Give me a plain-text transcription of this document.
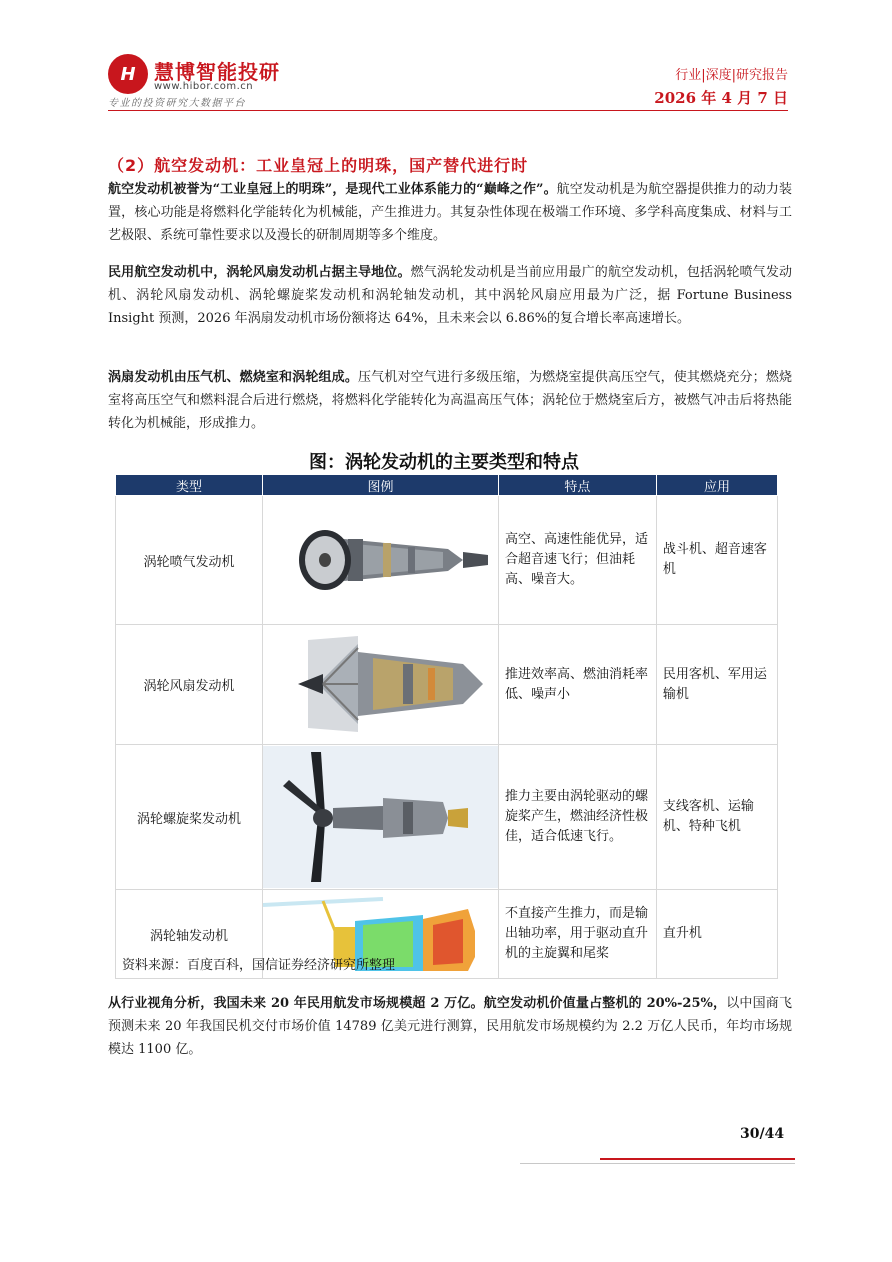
H 慧博智能投研
www.hibor.com.cn
专业的投资研究大数据平台
行业|深度|研究报告
2026 年 4 月 7 日
（2）航空发动机：工业皇冠上的明珠，国产替代进行时
航空发动机被誉为“工业皇冠上的明珠”，是现代工业体系能力的“巅峰之作”。航空发动机是为航空器提供推力的动力装置，核心功能是将燃料化学能转化为机械能，产生推进力。其复杂性体现在极端工作环境、多学科高度集成、材料与工艺极限、系统可靠性要求以及漫长的研制周期等多个维度。
民用航空发动机中，涡轮风扇发动机占据主导地位。燃气涡轮发动机是当前应用最广的航空发动机，包括涡轮喷气发动机、涡轮风扇发动机、涡轮螺旋桨发动机和涡轮轴发动机，其中涡轮风扇应用最为广泛，据 Fortune Business Insight 预测，2026 年涡扇发动机市场份额将达 64%，且未来会以 6.86%的复合增长率高速增长。
涡扇发动机由压气机、燃烧室和涡轮组成。压气机对空气进行多级压缩，为燃烧室提供高压空气，使其燃烧充分；燃烧室将高压空气和燃料混合后进行燃烧，将燃料化学能转化为高温高压气体；涡轮位于燃烧室后方，被燃气冲击后将热能转化为机械能，形成推力。
图：涡轮发动机的主要类型和特点
类型	图例	特点	应用
涡轮喷气发动机		高空、高速性能优异，适合超音速飞行；但油耗高、噪音大。	战斗机、超音速客机
涡轮风扇发动机		推进效率高、燃油消耗率低、噪声小	民用客机、军用运输机
涡轮螺旋桨发动机		推力主要由涡轮驱动的螺旋桨产生，燃油经济性极佳，适合低速飞行。	支线客机、运输机、特种飞机
涡轮轴发动机		不直接产生推力，而是输出轴功率，用于驱动直升机的主旋翼和尾桨	直升机
资料来源：百度百科，国信证券经济研究所整理
从行业视角分析，我国未来 20 年民用航发市场规模超 2 万亿。航空发动机价值量占整机的 20%-25%，以中国商飞预测未来 20 年我国民机交付市场价值 14789 亿美元进行测算，民用航发市场规模约为 2.2 万亿人民币，年均市场规模达 1100 亿。
30/44
